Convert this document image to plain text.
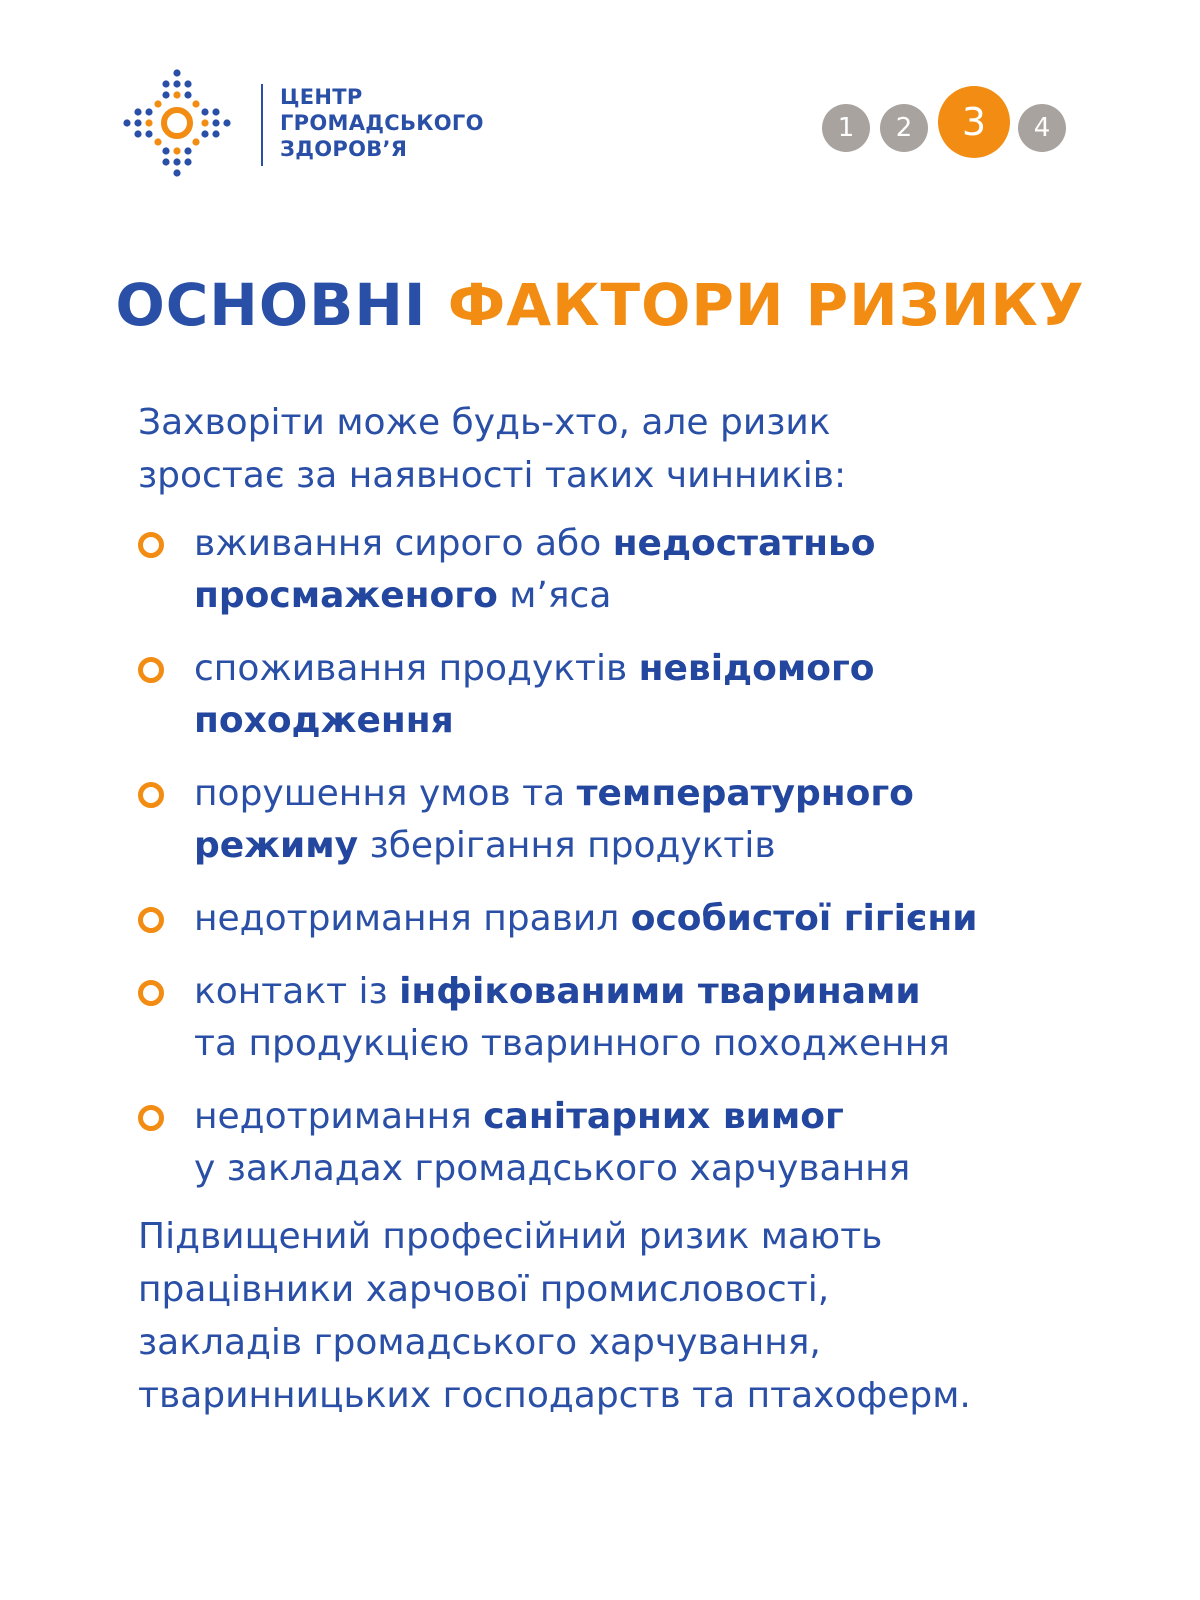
ЦЕНТР
ГРОМАДСЬКОГО
ЗДОРОВ’Я
1	2	3	4
ОСНОВНІ ФАКТОРИ РИЗИКУ
Захворіти може будь-хто, але ризик
зростає за наявності таких чинників:
вживання сирого або недостатньо
просмаженого м’яса
споживання продуктів невідомого
походження
порушення умов та температурного
режиму зберігання продуктів
недотримання правил особистої гігієни
контакт із інфікованими тваринами
та продукцією тваринного походження
недотримання санітарних вимог
у закладах громадського харчування
Підвищений професійний ризик мають
працівники харчової промисловості,
закладів громадського харчування,
тваринницьких господарств та птахоферм.
